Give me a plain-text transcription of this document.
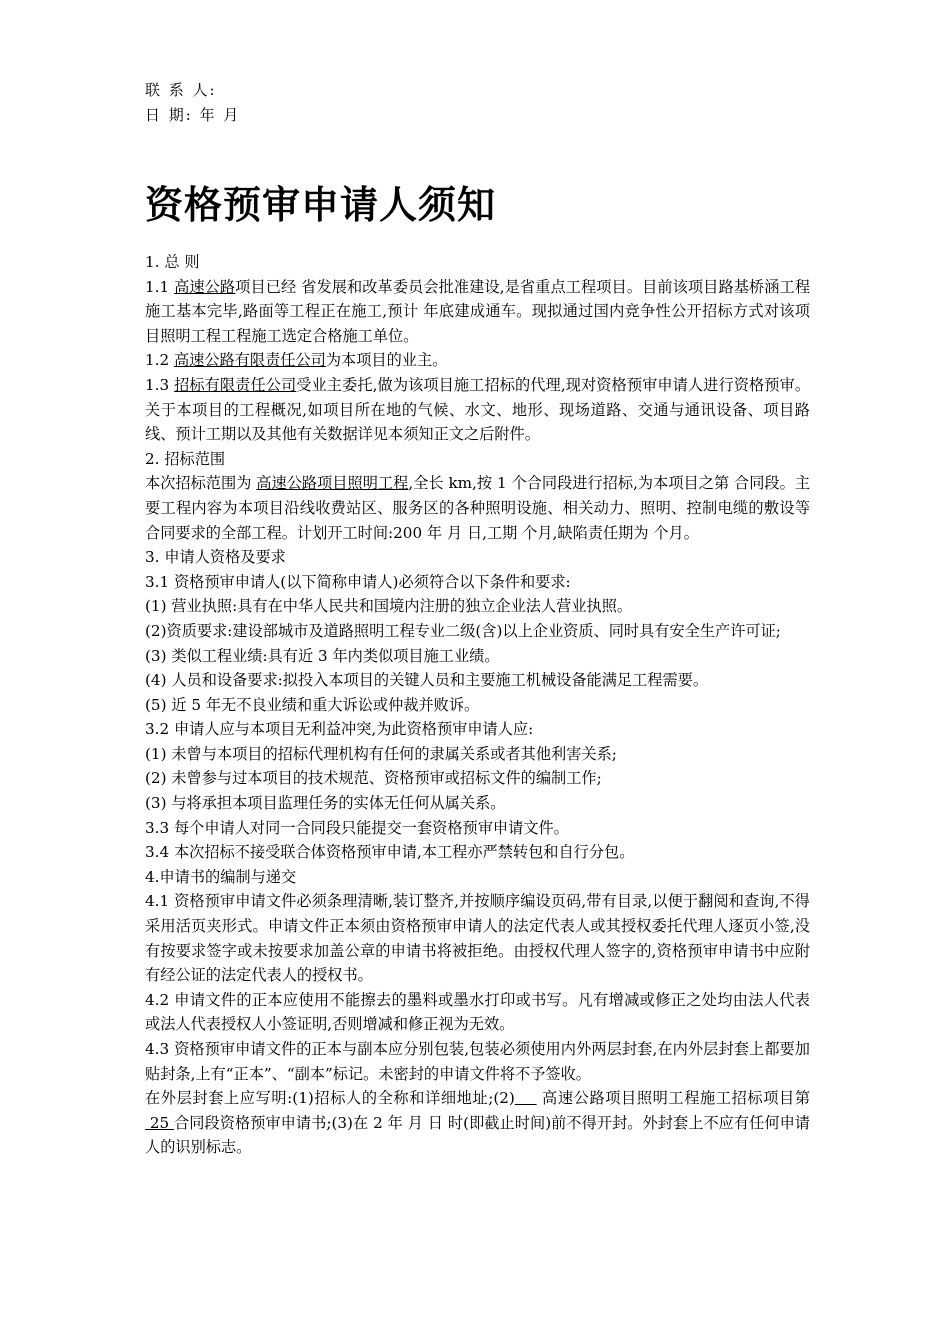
联 系 人:
日 期: 年 月
资格预审申请人须知

1. 总 则

1.1 高速公路项目已经 省发展和改革委员会批准建设,是省重点工程项目。目前该项目路基桥涵工程施工基本完毕,路面等工程正在施工,预计 年底建成通车。现拟通过国内竞争性公开招标方式对该项目照明工程工程施工选定合格施工单位。

1.2 高速公路有限责任公司为本项目的业主。

1.3 招标有限责任公司受业主委托,做为该项目施工招标的代理,现对资格预审申请人进行资格预审。关于本项目的工程概况,如项目所在地的气候、水文、地形、现场道路、交通与通讯设备、项目路线、预计工期以及其他有关数据详见本须知正文之后附件。

2. 招标范围

本次招标范围为 高速公路项目照明工程,全长 km,按 1 个合同段进行招标,为本项目之第 合同段。主要工程内容为本项目沿线收费站区、服务区的各种照明设施、相关动力、照明、控制电缆的敷设等合同要求的全部工程。计划开工时间:200 年 月 日,工期 个月,缺陷责任期为 个月。

3. 申请人资格及要求

3.1 资格预审申请人(以下简称申请人)必须符合以下条件和要求:

(1) 营业执照:具有在中华人民共和国境内注册的独立企业法人营业执照。

(2)资质要求:建设部城市及道路照明工程专业二级(含)以上企业资质、同时具有安全生产许可证;

(3) 类似工程业绩:具有近 3 年内类似项目施工业绩。

(4) 人员和设备要求:拟投入本项目的关键人员和主要施工机械设备能满足工程需要。

(5) 近 5 年无不良业绩和重大诉讼或仲裁并败诉。

3.2 申请人应与本项目无利益冲突,为此资格预审申请人应:

(1) 未曾与本项目的招标代理机构有任何的隶属关系或者其他利害关系;

(2) 未曾参与过本项目的技术规范、资格预审或招标文件的编制工作;

(3) 与将承担本项目监理任务的实体无任何从属关系。

3.3 每个申请人对同一合同段只能提交一套资格预审申请文件。

3.4 本次招标不接受联合体资格预审申请,本工程亦严禁转包和自行分包。

4.申请书的编制与递交

4.1 资格预审申请文件必须条理清晰,装订整齐,并按顺序编设页码,带有目录,以便于翻阅和查询,不得采用活页夹形式。申请文件正本须由资格预审申请人的法定代表人或其授权委托代理人逐页小签,没有按要求签字或未按要求加盖公章的申请书将被拒绝。由授权代理人签字的,资格预审申请书中应附有经公证的法定代表人的授权书。

4.2 申请文件的正本应使用不能擦去的墨料或墨水打印或书写。凡有增减或修正之处均由法人代表或法人代表授权人小签证明,否则增减和修正视为无效。

4.3 资格预审申请文件的正本与副本应分别包装,包装必须使用内外两层封套,在内外层封套上都要加贴封条,上有“正本”、“副本”标记。未密封的申请文件将不予签收。

在外层封套上应写明:(1)招标人的全称和详细地址;(2)     高速公路项目照明工程施工招标项目第 25 合同段资格预审申请书;(3)在 2 年 月 日 时(即截止时间)前不得开封。外封套上不应有任何申请人的识别标志。
